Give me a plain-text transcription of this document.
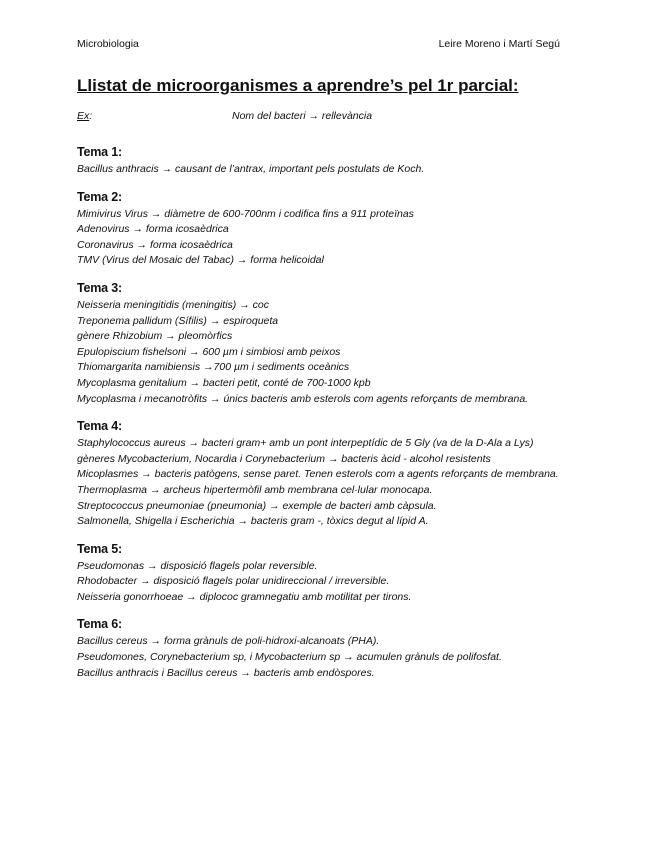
Microbiologia	Leire Moreno i Martí Segú
Llistat de microorganismes a aprendre’s pel 1r parcial:
Ex:	Nom del bacteri → rellevància
Tema 1:
Bacillus anthracis → causant de l’antrax, important pels postulats de Koch.
Tema 2:
Mimivirus Virus → diàmetre de 600-700nm i codifica fins a 911 proteïnas
Adenovirus → forma icosaèdrica
Coronavirus → forma icosaèdrica
TMV (Virus del Mosaic del Tabac) → forma helicoidal
Tema 3:
Neisseria meningitidis (meningitis) → coc
Treponema pallidum (Sífilis) → espiroqueta
gènere Rhizobium → pleomòrfics
Epulopiscium fishelsoni → 600 µm i simbiosi amb peixos
Thiomargarita namibiensis →700 µm i sediments oceànics
Mycoplasma genitalium → bacteri petit, conté de 700-1000 kpb
Mycoplasma i mecanotròfits → únics bacteris amb esterols com agents reforçants de membrana.
Tema 4:
Staphylococcus aureus → bacteri gram+ amb un pont interpeptídic de 5 Gly (va de la D-Ala a Lys)
gèneres Mycobacterium, Nocardia i Corynebacterium → bacteris àcid - alcohol resistents
Micoplasmes → bacteris patògens, sense paret. Tenen esterols com a agents reforçants de membrana.
Thermoplasma → archeus hipertermòfil amb membrana cel·lular monocapa.
Streptococcus pneumoniae (pneumonia) → exemple de bacteri amb càpsula.
Salmonella, Shigella i Escherichia → bacteris gram -, tòxics degut al lípid A.
Tema 5:
Pseudomonas → disposició flagels polar reversible.
Rhodobacter → disposició flagels polar unidireccional / irreversible.
Neisseria gonorrhoeae → diplococ gramnegatiu amb motilitat per tirons.
Tema 6:
Bacillus cereus → forma grànuls de poli-hidroxi-alcanoats (PHA).
Pseudomones, Corynebacterium sp, i Mycobacterium sp → acumulen grànuls de polifosfat.
Bacillus anthracis i Bacillus cereus → bacteris amb endòspores.
